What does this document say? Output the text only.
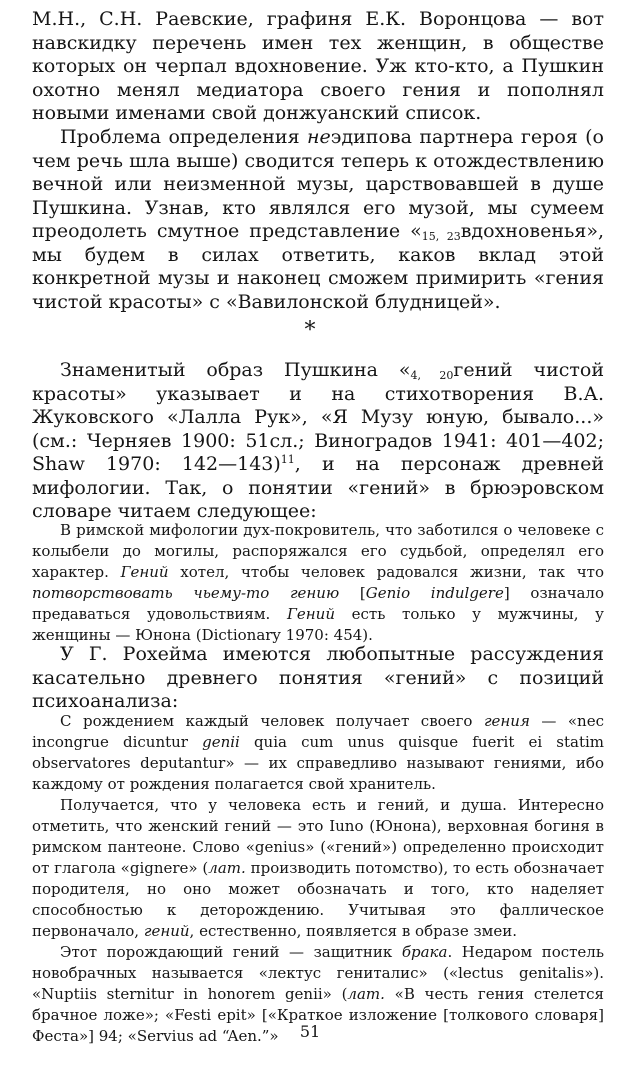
М.Н., С.Н. Раевские, графиня Е.К. Воронцова — вот навскидку перечень имен тех женщин, в обществе которых он черпал вдохновение. Уж кто-кто, а Пушкин охотно менял медиатора своего гения и пополнял новыми именами свой донжуанский список.

Проблема определения неэдипова партнера героя (о чем речь шла выше) сводится теперь к отождествлению вечной или неизменной музы, царствовавшей в душе Пушкина. Узнав, кто являлся его музой, мы сумеем преодолеть смутное представление «$_{15, 23}вдохновенья$», мы будем в силах ответить, каков вклад этой конкретной музы и наконец сможем примирить «гения чистой красоты» с «Вавилонской блудницей».

*

Знаменитый образ Пушкина «$_{4, 20}гений$ чистой красоты» указывает и на стихотворения В.А. Жуковского «Лалла Рук», «Я Музу юную, бывало...» (см.: Черняев 1900: 51сл.; Виноградов 1941: 401—402; Shaw 1970: 142—143)$^{11}$, и на персонаж древней мифологии. Так, о понятии «гений» в брюэровском словаре читаем следующее:

В римской мифологии дух-покровитель, что заботился о человеке с колыбели до могилы, распоряжался его судьбой, определял его характер. Гений хотел, чтобы человек радовался жизни, так что потворствовать чьему-то гению [Genio indulgere] означало предаваться удовольствиям. Гений есть только у мужчины, у женщины — Юнона (Dictionary 1970: 454).

У Г. Рохейма имеются любопытные рассуждения касательно древнего понятия «гений» с позиций психоанализа:

С рождением каждый человек получает своего гения — «nec incongrue dicuntur genii quia cum unus quisque fuerit ei statim observatores deputantur» — их справедливо называют гениями, ибо каждому от рождения полагается свой хранитель.

Получается, что у человека есть и гений, и душа. Интересно отметить, что женский гений — это Iuno (Юнона), верховная богиня в римском пантеоне. Слово «genius» («гений») определенно происходит от глагола «gignere» (лат. производить потомство), то есть обозначает породителя, но оно может обозначать и того, кто наделяет способностью к деторождению. Учитывая это фаллическое первоначало, гений, естественно, появляется в образе змеи.

Этот порождающий гений — защитник брака. Недаром постель новобрачных называется «лектус гениталис» («lectus genitalis»). «Nuptiis sternitur in honorem genii» (лат. «В честь гения стелется брачное ложе»; «Festi epit» [«Краткое изложение [толкового словаря] Феста»] 94; «Servius ad “Aen.”»	51
